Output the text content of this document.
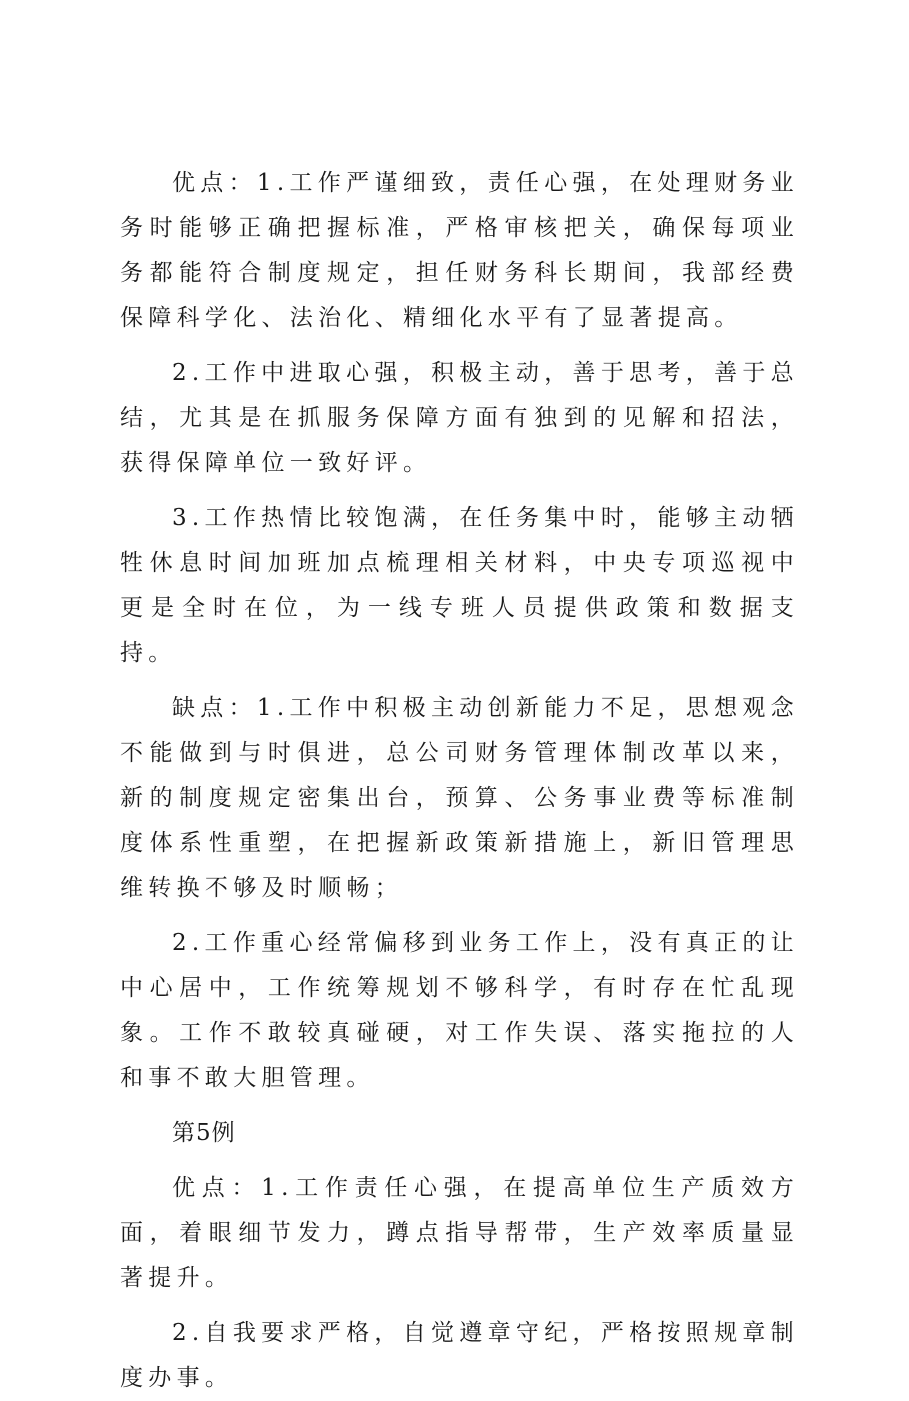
优点：1.工作严谨细致，责任心强，在处理财务业务时能够正确把握标准，严格审核把关，确保每项业务都能符合制度规定，担任财务科长期间，我部经费保障科学化、法治化、精细化水平有了显著提高。

2.工作中进取心强，积极主动，善于思考，善于总结，尤其是在抓服务保障方面有独到的见解和招法，获得保障单位一致好评。

3.工作热情比较饱满，在任务集中时，能够主动牺牲休息时间加班加点梳理相关材料，中央专项巡视中更是全时在位，为一线专班人员提供政策和数据支持。

缺点：1.工作中积极主动创新能力不足，思想观念不能做到与时俱进，总公司财务管理体制改革以来，新的制度规定密集出台，预算、公务事业费等标准制度体系性重塑，在把握新政策新措施上，新旧管理思维转换不够及时顺畅；

2.工作重心经常偏移到业务工作上，没有真正的让中心居中，工作统筹规划不够科学，有时存在忙乱现象。工作不敢较真碰硬，对工作失误、落实拖拉的人和事不敢大胆管理。

第5例

优点：1.工作责任心强，在提高单位生产质效方面，着眼细节发力，蹲点指导帮带，生产效率质量显著提升。

2.自我要求严格，自觉遵章守纪，严格按照规章制度办事。
